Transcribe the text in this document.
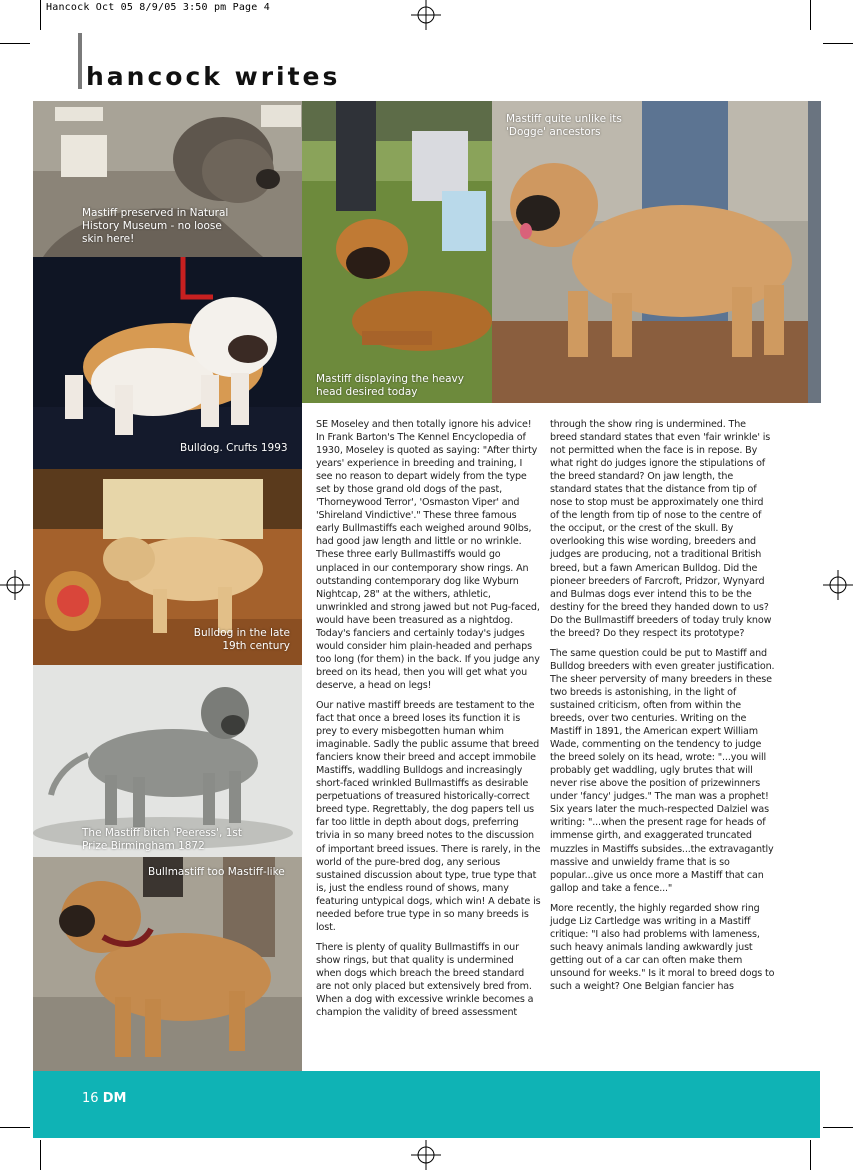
Hancock Oct 05 8/9/05 3:50 pm Page 4
hancock writes
Mastiff preserved in Natural History Museum - no loose skin here!
Bulldog. Crufts 1993
Bulldog in the late 19th century
The Mastiff bitch 'Peeress', 1st Prize Birmingham 1872
Bullmastiff too Mastiff-like
Mastiff displaying the heavy head desired today
Mastiff quite unlike its 'Dogge' ancestors

SE Moseley and then totally ignore his advice! In Frank Barton's The Kennel Encyclopedia of 1930, Moseley is quoted as saying: "After thirty years' experience in breeding and training, I see no reason to depart widely from the type set by those grand old dogs of the past, 'Thorneywood Terror', 'Osmaston Viper' and 'Shireland Vindictive'." These three famous early Bullmastiffs each weighed around 90lbs, had good jaw length and little or no wrinkle. These three early Bullmastiffs would go unplaced in our contemporary show rings. An outstanding contemporary dog like Wyburn Nightcap, 28" at the withers, athletic, unwrinkled and strong jawed but not Pug-faced, would have been treasured as a nightdog. Today's fanciers and certainly today's judges would consider him plain-headed and perhaps too long (for them) in the back. If you judge any breed on its head, then you will get what you deserve, a head on legs!

Our native mastiff breeds are testament to the fact that once a breed loses its function it is prey to every misbegotten human whim imaginable. Sadly the public assume that breed fanciers know their breed and accept immobile Mastiffs, waddling Bulldogs and increasingly short-faced wrinkled Bullmastiffs as desirable perpetuations of treasured historically-correct breed type. Regrettably, the dog papers tell us far too little in depth about dogs, preferring trivia in so many breed notes to the discussion of important breed issues. There is rarely, in the world of the pure-bred dog, any serious sustained discussion about type, true type that is, just the endless round of shows, many featuring untypical dogs, which win! A debate is needed before true type in so many breeds is lost.

There is plenty of quality Bullmastiffs in our show rings, but that quality is undermined when dogs which breach the breed standard are not only placed but extensively bred from. When a dog with excessive wrinkle becomes a champion the validity of breed assessment

through the show ring is undermined. The breed standard states that even 'fair wrinkle' is not permitted when the face is in repose. By what right do judges ignore the stipulations of the breed standard? On jaw length, the standard states that the distance from tip of nose to stop must be approximately one third of the length from tip of nose to the centre of the occiput, or the crest of the skull. By overlooking this wise wording, breeders and judges are producing, not a traditional British breed, but a fawn American Bulldog. Did the pioneer breeders of Farcroft, Pridzor, Wynyard and Bulmas dogs ever intend this to be the destiny for the breed they handed down to us? Do the Bullmastiff breeders of today truly know the breed? Do they respect its prototype?

The same question could be put to Mastiff and Bulldog breeders with even greater justification. The sheer perversity of many breeders in these two breeds is astonishing, in the light of sustained criticism, often from within the breeds, over two centuries. Writing on the Mastiff in 1891, the American expert William Wade, commenting on the tendency to judge the breed solely on its head, wrote: "...you will probably get waddling, ugly brutes that will never rise above the position of prizewinners under 'fancy' judges." The man was a prophet! Six years later the much-respected Dalziel was writing: "...when the present rage for heads of immense girth, and exaggerated truncated muzzles in Mastiffs subsides...the extravagantly massive and unwieldy frame that is so popular...give us once more a Mastiff that can gallop and take a fence..."

More recently, the highly regarded show ring judge Liz Cartledge was writing in a Mastiff critique: "I also had problems with lameness, such heavy animals landing awkwardly just getting out of a car can often make them unsound for weeks." Is it moral to breed dogs to such a weight? One Belgian fancier has

16 DM
